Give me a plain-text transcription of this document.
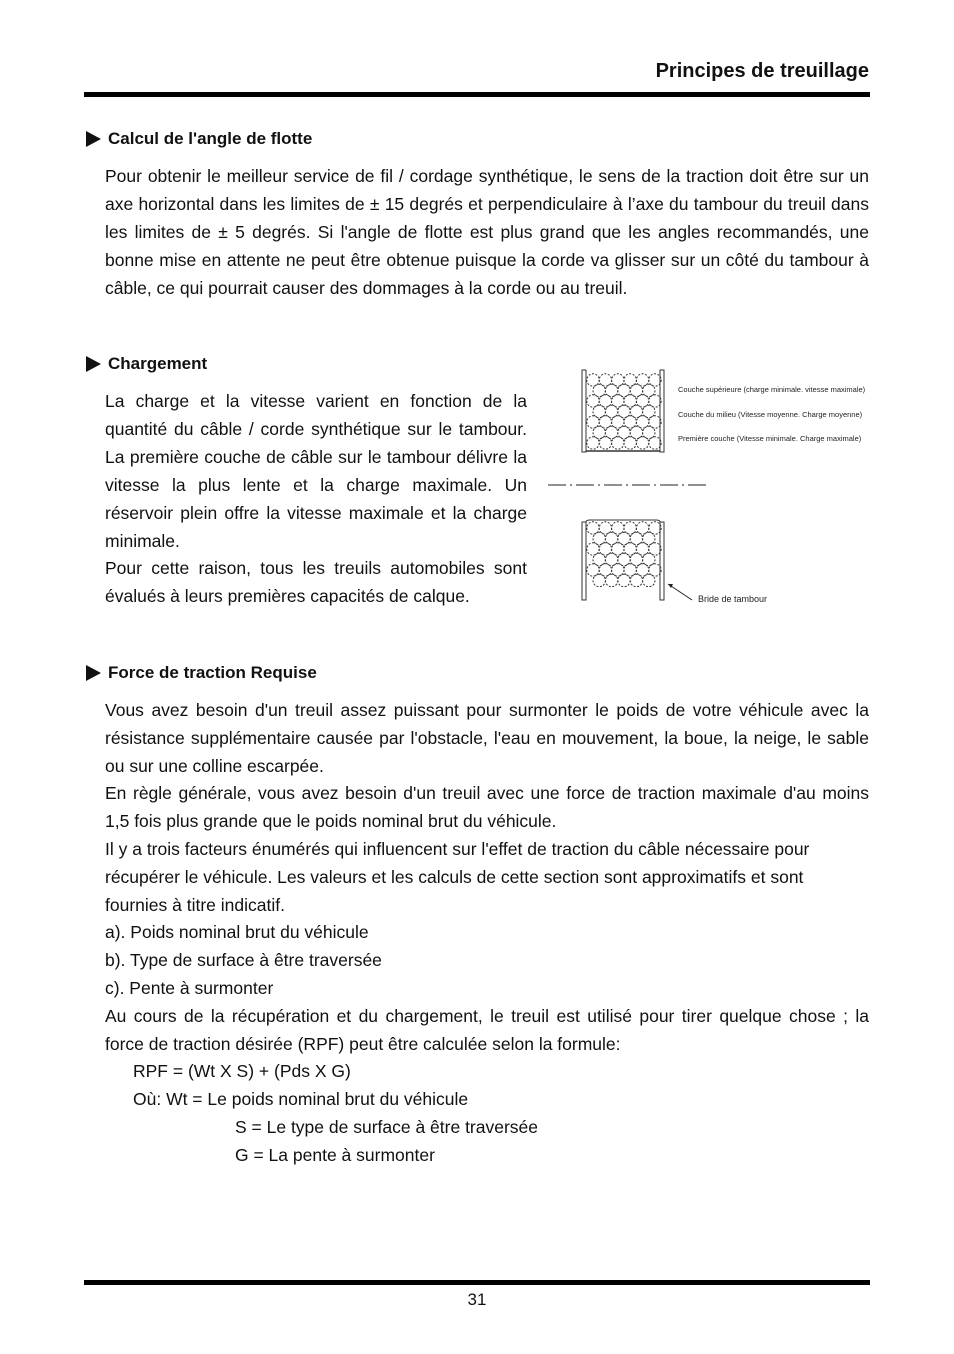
Principes de treuillage
Calcul de l'angle de flotte
Pour obtenir le meilleur service de fil / cordage synthétique, le sens de la traction doit être sur un axe horizontal dans les limites de ± 15 degrés et perpendiculaire à l’axe du tambour du treuil dans les limites de ± 5 degrés. Si l'angle de flotte est plus grand que les angles recommandés, une bonne mise en attente ne peut être obtenue puisque la corde va glisser sur un côté du tambour à câble, ce qui pourrait causer des dommages à la corde ou au treuil.
Chargement
La charge et la vitesse varient en fonction de la quantité du câble / corde synthétique sur le tambour. La première couche de câble sur le tambour délivre la vitesse la plus lente et la charge maximale. Un réservoir plein offre la vitesse maximale et la charge minimale.
Pour cette raison, tous les treuils automobiles sont évalués à leurs premières capacités de calque.
Couche supérieure (charge minimale. vitesse maximale)
Couche du milieu (Vitesse moyenne. Charge moyenne)
Première couche (Vitesse minimale. Charge maximale)
Bride de tambour
Force de traction Requise
Vous avez besoin d'un treuil assez puissant pour surmonter le poids de votre véhicule avec la résistance supplémentaire causée par l'obstacle, l'eau en mouvement, la boue, la neige, le sable ou sur une colline escarpée.
En règle générale, vous avez besoin d'un treuil avec une force de traction maximale d'au moins 1,5 fois plus grande que le poids nominal brut du véhicule.
Il y a trois facteurs énumérés qui influencent sur l'effet de traction du câble nécessaire pour récupérer le véhicule. Les valeurs et les calculs de cette section sont approximatifs et sont fournies à titre indicatif.
a). Poids nominal brut du véhicule
b). Type de surface à être traversée
c). Pente à surmonter
Au cours de la récupération et du chargement, le treuil est utilisé pour tirer quelque chose ; la force de traction désirée (RPF) peut être calculée selon la formule:
RPF = (Wt X S) + (Pds X G)
Où: Wt = Le poids nominal brut du véhicule
S = Le type de surface à être traversée
G = La pente à surmonter
31
